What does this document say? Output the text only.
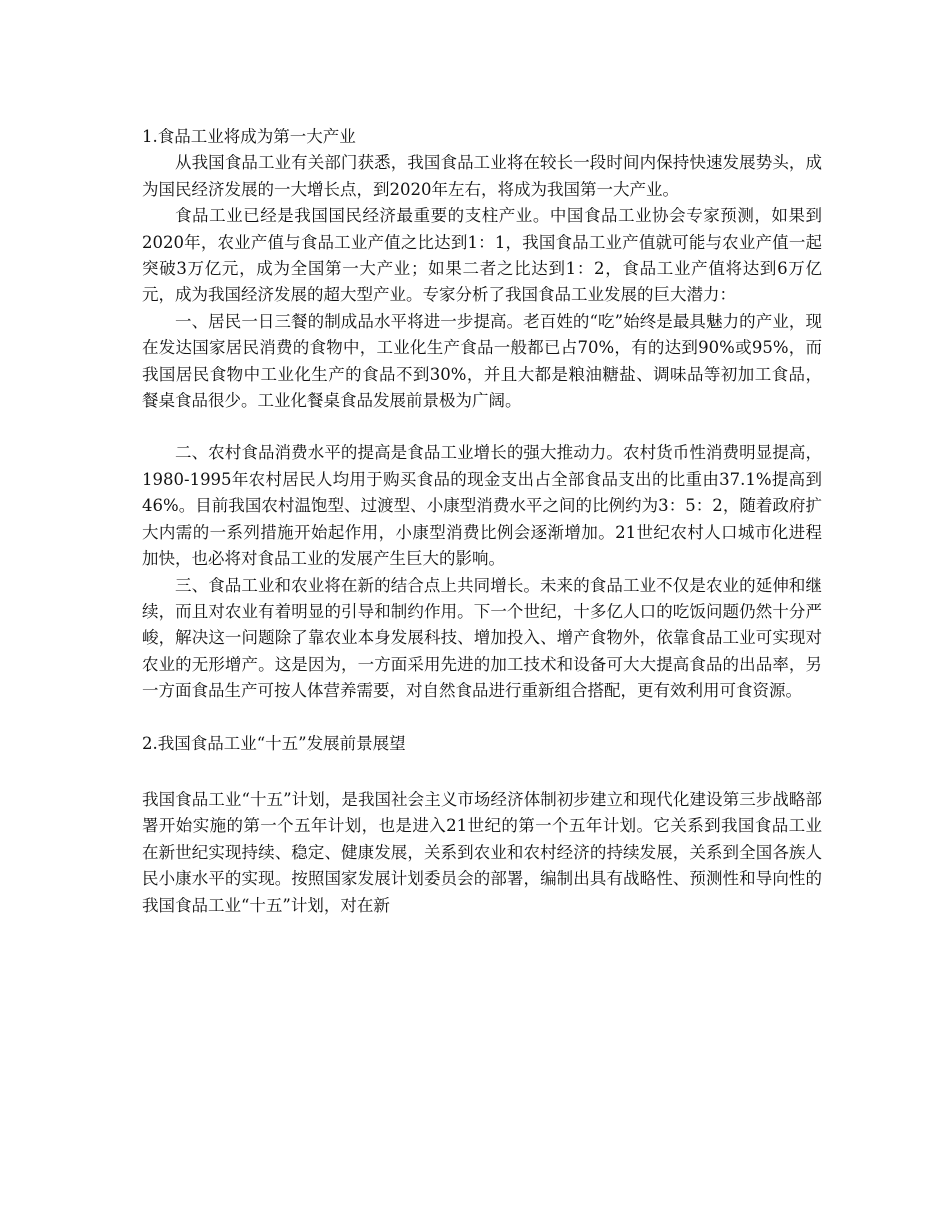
1.食品工业将成为第一大产业

从我国食品工业有关部门获悉，我国食品工业将在较长一段时间内保持快速发展势头，成为国民经济发展的一大增长点，到2020年左右，将成为我国第一大产业。

食品工业已经是我国国民经济最重要的支柱产业。中国食品工业协会专家预测，如果到2020年，农业产值与食品工业产值之比达到1：1，我国食品工业产值就可能与农业产值一起突破3万亿元，成为全国第一大产业；如果二者之比达到1：2，食品工业产值将达到6万亿元，成为我国经济发展的超大型产业。专家分析了我国食品工业发展的巨大潜力：

一、居民一日三餐的制成品水平将进一步提高。老百姓的“吃”始终是最具魅力的产业，现在发达国家居民消费的食物中，工业化生产食品一般都已占70%，有的达到90%或95%，而我国居民食物中工业化生产的食品不到30%，并且大都是粮油糖盐、调味品等初加工食品，餐桌食品很少。工业化餐桌食品发展前景极为广阔。

二、农村食品消费水平的提高是食品工业增长的强大推动力。农村货币性消费明显提高，1980-1995年农村居民人均用于购买食品的现金支出占全部食品支出的比重由37.1%提高到46%。目前我国农村温饱型、过渡型、小康型消费水平之间的比例约为3：5：2，随着政府扩大内需的一系列措施开始起作用，小康型消费比例会逐渐增加。21世纪农村人口城市化进程加快，也必将对食品工业的发展产生巨大的影响。

三、食品工业和农业将在新的结合点上共同增长。未来的食品工业不仅是农业的延伸和继续，而且对农业有着明显的引导和制约作用。下一个世纪，十多亿人口的吃饭问题仍然十分严峻，解决这一问题除了靠农业本身发展科技、增加投入、增产食物外，依靠食品工业可实现对农业的无形增产。这是因为，一方面采用先进的加工技术和设备可大大提高食品的出品率，另一方面食品生产可按人体营养需要，对自然食品进行重新组合搭配，更有效利用可食资源。

2.我国食品工业“十五”发展前景展望

我国食品工业“十五”计划，是我国社会主义市场经济体制初步建立和现代化建设第三步战略部署开始实施的第一个五年计划，也是进入21世纪的第一个五年计划。它关系到我国食品工业在新世纪实现持续、稳定、健康发展，关系到农业和农村经济的持续发展，关系到全国各族人民小康水平的实现。按照国家发展计划委员会的部署，编制出具有战略性、预测性和导向性的我国食品工业“十五”计划，对在新
